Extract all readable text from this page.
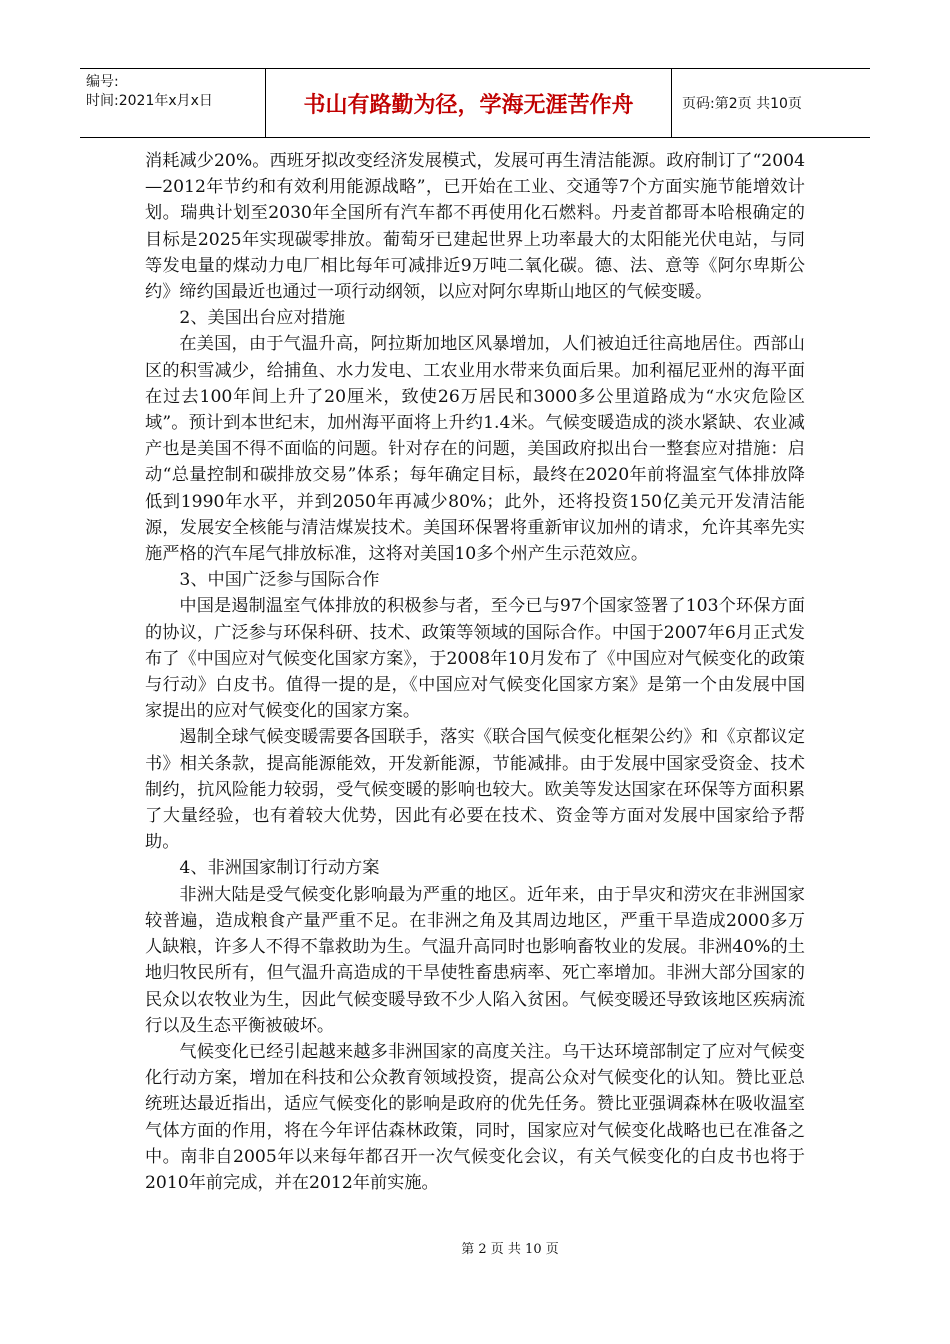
编号:
时间:2021年x月x日	书山有路勤为径，学海无涯苦作舟	页码:第2页 共10页

消耗减少20%。西班牙拟改变经济发展模式，发展可再生清洁能源。政府制订了“2004—2012年节约和有效利用能源战略”，已开始在工业、交通等7个方面实施节能增效计划。瑞典计划至2030年全国所有汽车都不再使用化石燃料。丹麦首都哥本哈根确定的目标是2025年实现碳零排放。葡萄牙已建起世界上功率最大的太阳能光伏电站，与同等发电量的煤动力电厂相比每年可减排近9万吨二氧化碳。德、法、意等《阿尔卑斯公约》缔约国最近也通过一项行动纲领，以应对阿尔卑斯山地区的气候变暖。

2、美国出台应对措施

在美国，由于气温升高，阿拉斯加地区风暴增加，人们被迫迁往高地居住。西部山区的积雪减少，给捕鱼、水力发电、工农业用水带来负面后果。加利福尼亚州的海平面在过去100年间上升了20厘米，致使26万居民和3000多公里道路成为“水灾危险区域”。预计到本世纪末，加州海平面将上升约1.4米。气候变暖造成的淡水紧缺、农业减产也是美国不得不面临的问题。针对存在的问题，美国政府拟出台一整套应对措施：启动“总量控制和碳排放交易”体系；每年确定目标，最终在2020年前将温室气体排放降低到1990年水平，并到2050年再减少80%；此外，还将投资150亿美元开发清洁能源，发展安全核能与清洁煤炭技术。美国环保署将重新审议加州的请求，允许其率先实施严格的汽车尾气排放标准，这将对美国10多个州产生示范效应。

3、中国广泛参与国际合作

中国是遏制温室气体排放的积极参与者，至今已与97个国家签署了103个环保方面的协议，广泛参与环保科研、技术、政策等领域的国际合作。中国于2007年6月正式发布了《中国应对气候变化国家方案》，于2008年10月发布了《中国应对气候变化的政策与行动》白皮书。值得一提的是，《中国应对气候变化国家方案》是第一个由发展中国家提出的应对气候变化的国家方案。

遏制全球气候变暖需要各国联手，落实《联合国气候变化框架公约》和《京都议定书》相关条款，提高能源能效，开发新能源，节能减排。由于发展中国家受资金、技术制约，抗风险能力较弱，受气候变暖的影响也较大。欧美等发达国家在环保等方面积累了大量经验，也有着较大优势，因此有必要在技术、资金等方面对发展中国家给予帮助。

4、非洲国家制订行动方案

非洲大陆是受气候变化影响最为严重的地区。近年来，由于旱灾和涝灾在非洲国家较普遍，造成粮食产量严重不足。在非洲之角及其周边地区，严重干旱造成2000多万人缺粮，许多人不得不靠救助为生。气温升高同时也影响畜牧业的发展。非洲40%的土地归牧民所有，但气温升高造成的干旱使牲畜患病率、死亡率增加。非洲大部分国家的民众以农牧业为生，因此气候变暖导致不少人陷入贫困。气候变暖还导致该地区疾病流行以及生态平衡被破坏。

气候变化已经引起越来越多非洲国家的高度关注。乌干达环境部制定了应对气候变化行动方案，增加在科技和公众教育领域投资，提高公众对气候变化的认知。赞比亚总统班达最近指出，适应气候变化的影响是政府的优先任务。赞比亚强调森林在吸收温室气体方面的作用，将在今年评估森林政策，同时，国家应对气候变化战略也已在准备之中。南非自2005年以来每年都召开一次气候变化会议，有关气候变化的白皮书也将于2010年前完成，并在2012年前实施。

第 2 页 共 10 页
